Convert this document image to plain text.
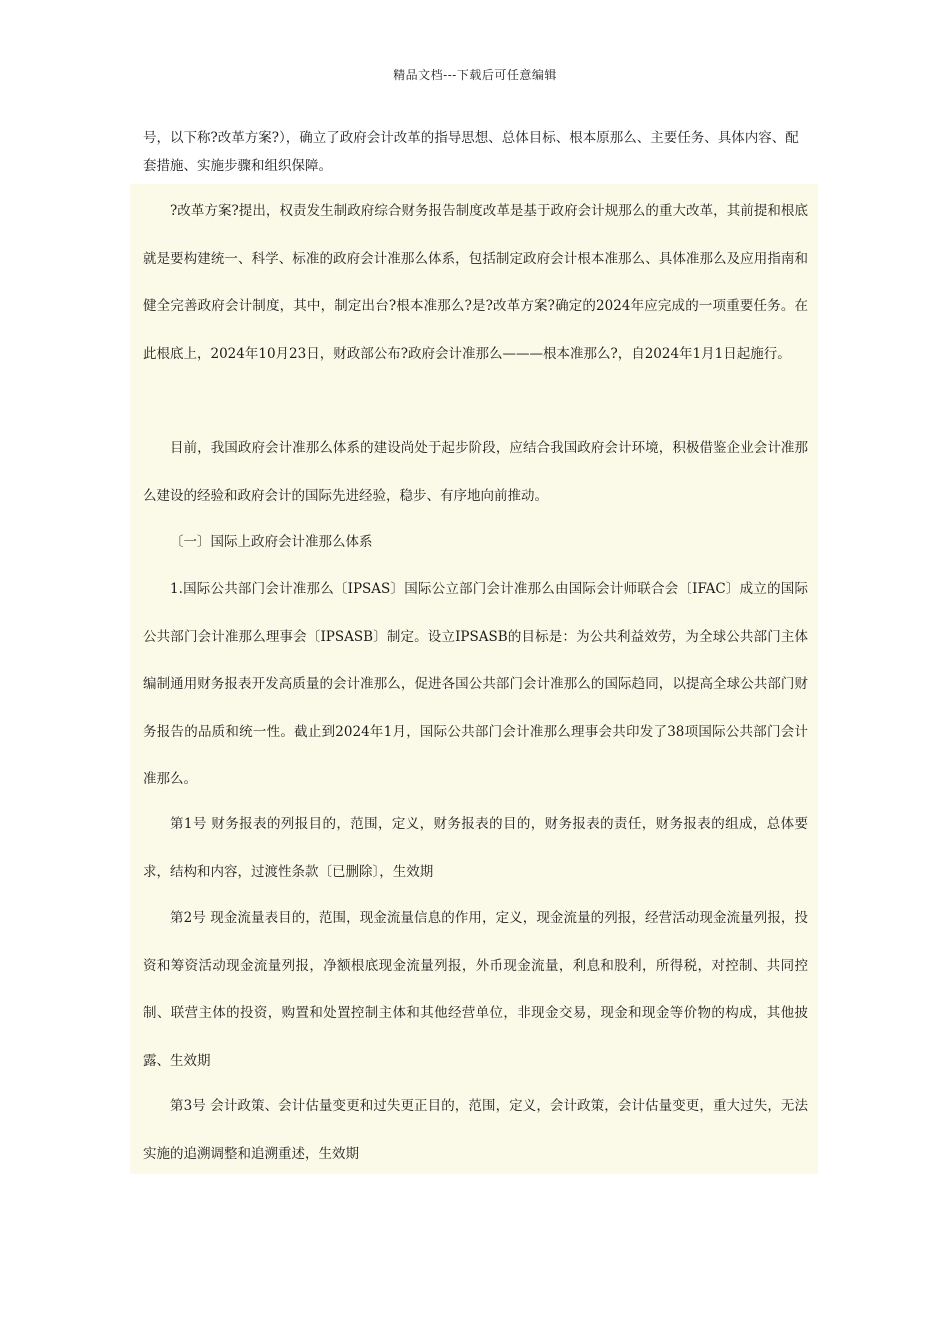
精品文档---下载后可任意编辑

号，以下称?改革方案?），确立了政府会计改革的指导思想、总体目标、根本原那么、主要任务、具体内容、配套措施、实施步骤和组织保障。

?改革方案?提出，权责发生制政府综合财务报告制度改革是基于政府会计规那么的重大改革，其前提和根底就是要构建统一、科学、标准的政府会计准那么体系，包括制定政府会计根本准那么、具体准那么及应用指南和健全完善政府会计制度，其中，制定出台?根本准那么?是?改革方案?确定的2024年应完成的一项重要任务。在此根底上，2024年10月23日，财政部公布?政府会计准那么———根本准那么?，自2024年1月1日起施行。

目前，我国政府会计准那么体系的建设尚处于起步阶段，应结合我国政府会计环境，积极借鉴企业会计准那么建设的经验和政府会计的国际先进经验，稳步、有序地向前推动。

〔一〕国际上政府会计准那么体系

1.国际公共部门会计准那么〔IPSAS〕国际公立部门会计准那么由国际会计师联合会〔IFAC〕成立的国际公共部门会计准那么理事会〔IPSASB〕制定。设立IPSASB的目标是：为公共利益效劳，为全球公共部门主体编制通用财务报表开发高质量的会计准那么，促进各国公共部门会计准那么的国际趋同，以提高全球公共部门财务报告的品质和统一性。截止到2024年1月，国际公共部门会计准那么理事会共印发了38项国际公共部门会计准那么。

第1号 财务报表的列报目的，范围，定义，财务报表的目的，财务报表的责任，财务报表的组成，总体要求，结构和内容，过渡性条款〔已删除〕，生效期

第2号 现金流量表目的，范围，现金流量信息的作用，定义，现金流量的列报，经营活动现金流量列报，投资和筹资活动现金流量列报，净额根底现金流量列报，外币现金流量，利息和股利，所得税，对控制、共同控制、联营主体的投资，购置和处置控制主体和其他经营单位，非现金交易，现金和现金等价物的构成，其他披露、生效期

第3号 会计政策、会计估量变更和过失更正目的，范围，定义，会计政策，会计估量变更，重大过失，无法实施的追溯调整和追溯重述，生效期
